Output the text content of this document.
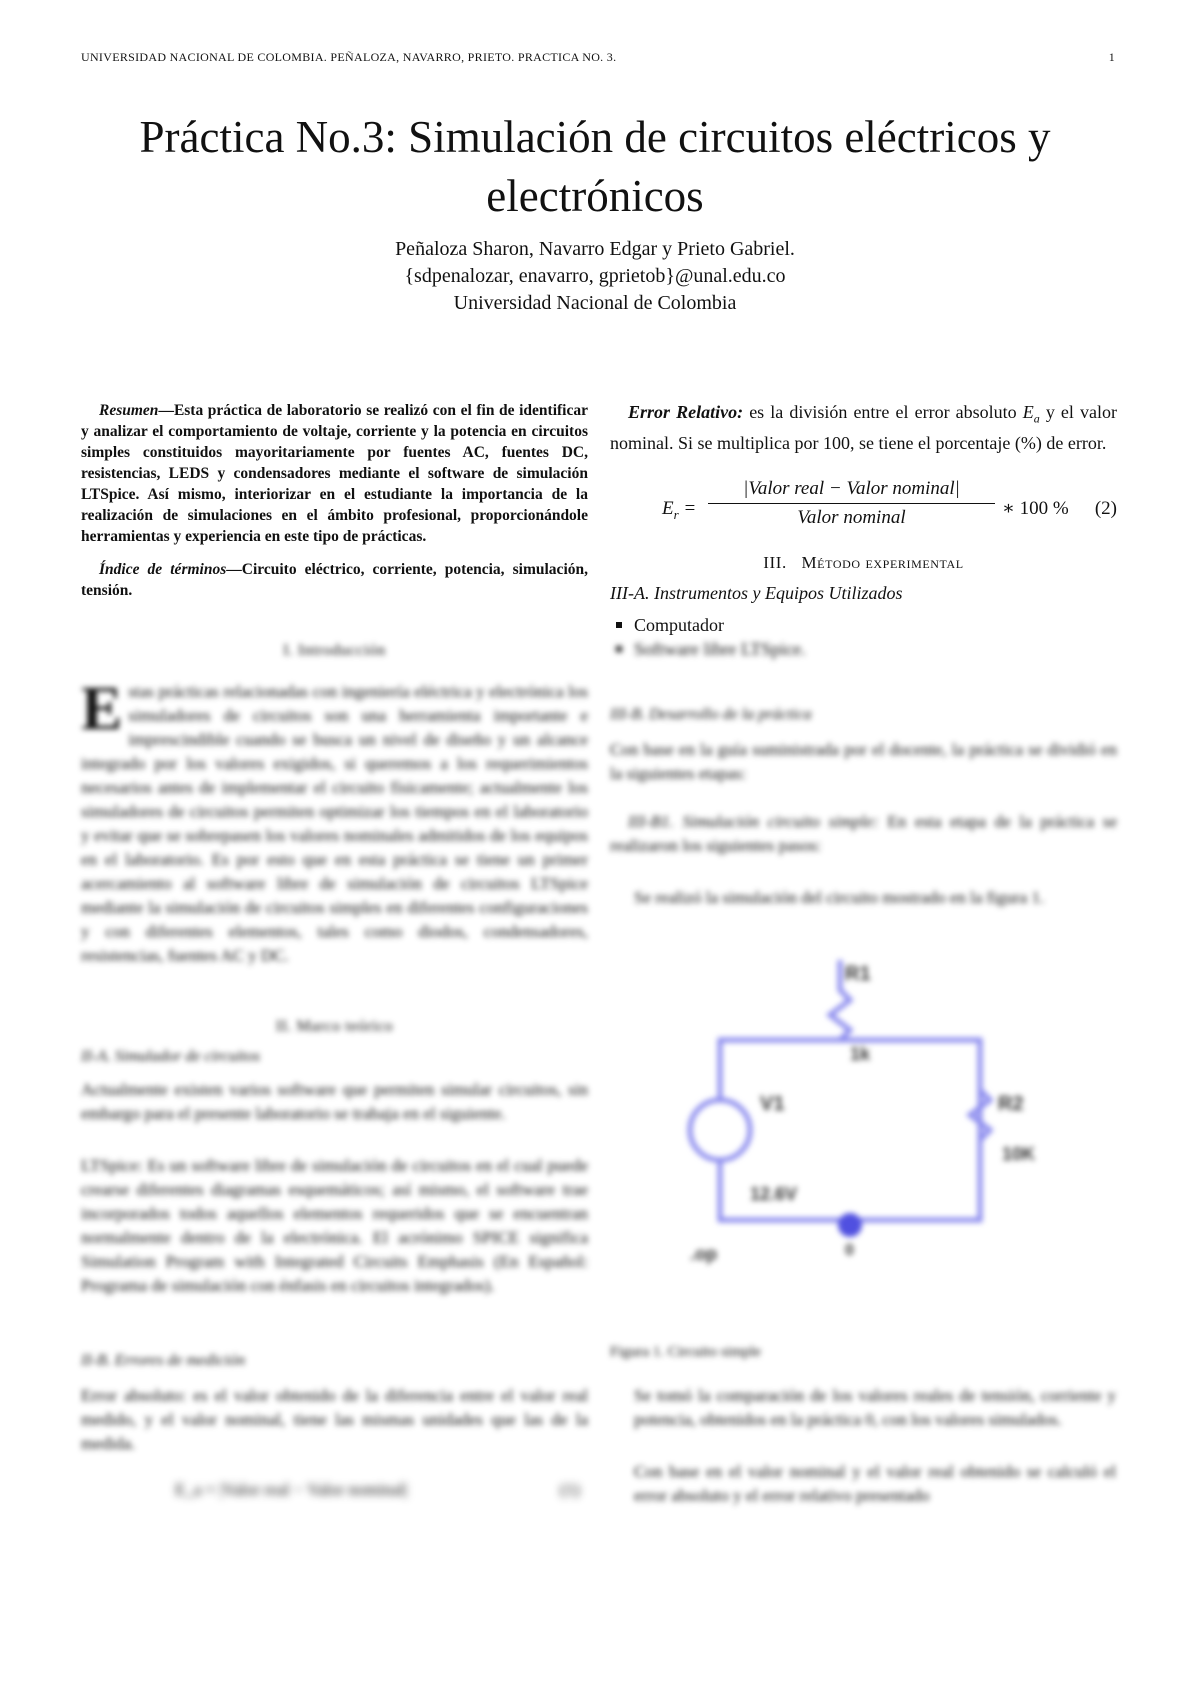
UNIVERSIDAD NACIONAL DE COLOMBIA. PEÑALOZA, NAVARRO, PRIETO. PRACTICA NO. 3.	1
Práctica No.3: Simulación de circuitos eléctricos y
electrónicos
Peñaloza Sharon, Navarro Edgar y Prieto Gabriel.
{sdpenalozar, enavarro, gprietob}@unal.edu.co
Universidad Nacional de Colombia

Resumen—Esta práctica de laboratorio se realizó con el fin de identificar y analizar el comportamiento de voltaje, corriente y la potencia en circuitos simples constituidos mayoritariamente por fuentes AC, fuentes DC, resistencias, LEDS y condensadores mediante el software de simulación LTSpice. Así mismo, interiorizar en el estudiante la importancia de la realización de simulaciones en el ámbito profesional, proporcionándole herramientas y experiencia en este tipo de prácticas.

Índice de términos—Circuito eléctrico, corriente, potencia, simulación, tensión.

I. Introducción
Estas prácticas relacionadas con ingeniería eléctrica y electrónica los simuladores de circuitos son una herramienta importante e imprescindible cuando se busca un nivel de diseño y un alcance integrado por los valores exigidos, si queremos a los requerimientos necesarios antes de implementar el circuito físicamente; actualmente los simuladores de circuitos permiten optimizar los tiempos en el laboratorio y evitar que se sobrepasen los valores nominales admitidos de los equipos en el laboratorio. Es por esto que en esta práctica se tiene un primer acercamiento al software libre de simulación de circuitos LTSpice mediante la simulación de circuitos simples en diferentes configuraciones y con diferentes elementos, tales como diodos, condensadores, resistencias, fuentes AC y DC.
II. Marco teórico
II-A. Simulador de circuitos
Actualmente existen varios software que permiten simular circuitos, sin embargo para el presente laboratorio se trabaja en el siguiente.
LTSpice: Es un software libre de simulación de circuitos en el cual puede crearse diferentes diagramas esquemáticos; así mismo, el software trae incorporados todos aquellos elementos requeridos que se encuentran normalmente dentro de la electrónica. El acrónimo SPICE significa Simulation Program with Integrated Circuits Emphasis (En Español: Programa de simulación con énfasis en circuitos integrados).
II-B. Errores de medición
Error absoluto: es el valor obtenido de la diferencia entre el valor real medido, y el valor nominal, tiene las mismas unidades que las de la medida.
E_a = |Valor real − Valor nominal|	(1)

Error Relativo: es la división entre el error absoluto $E_a$ y el valor nominal. Si se multiplica por 100, se tiene el porcentaje (%) de error.

$E_r$ =
|Valor real − Valor nominal|
Valor nominal	∗ 100 % (2)
III. Método experimental
III-A. Instrumentos y Equipos Utilizados
Computador
Software libre LTSpice.
III-B. Desarrollo de la práctica
Con base en la guía suministrada por el docente, la práctica se dividió en la siguientes etapas:
III-B1. Simulación circuito simple: En esta etapa de la práctica se realizaron los siguientes pasos:
Se realizó la simulación del circuito mostrado en la figura 1.
R1
1k
V1
12.6V
R2
10K
0
.op
Figura 1. Circuito simple
Se tomó la comparación de los valores reales de tensión, corriente y potencia, obtenidos en la práctica 0, con los valores simulados.
Con base en el valor nominal y el valor real obtenido se calculó el error absoluto y el error relativo presentado
